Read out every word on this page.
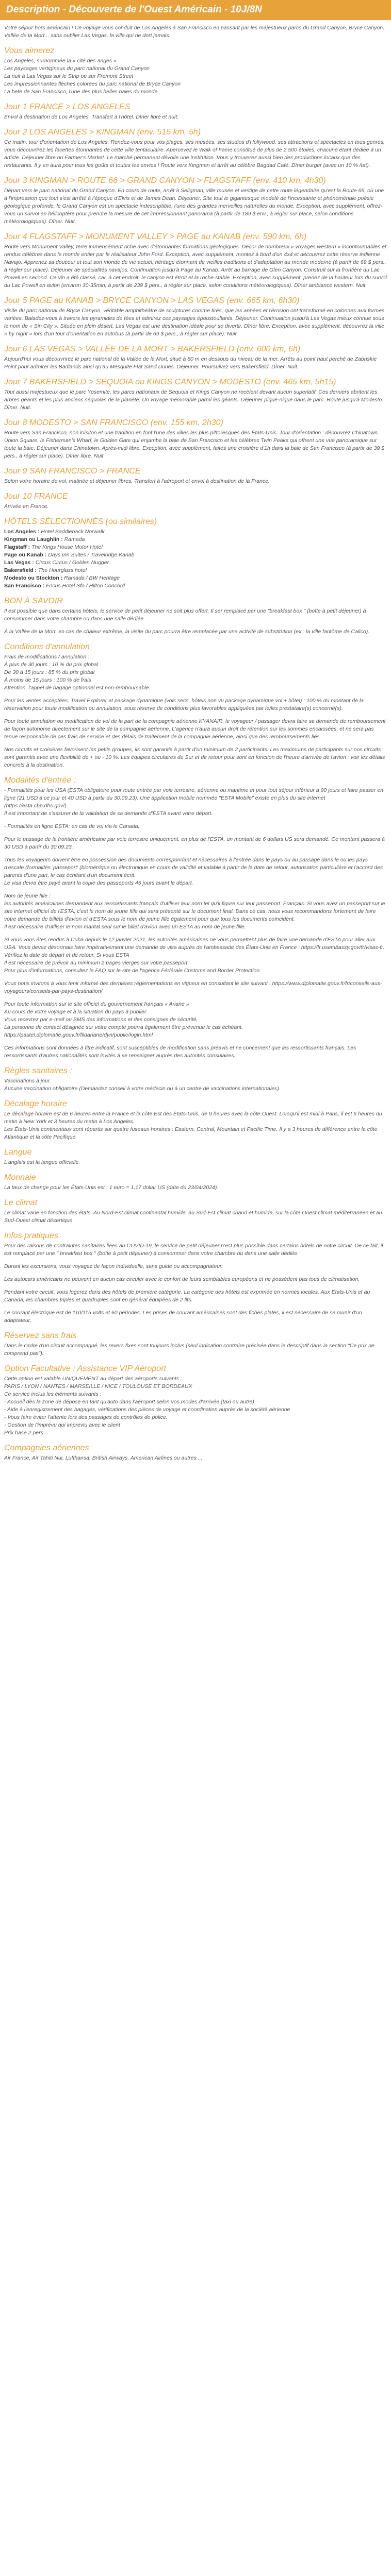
Description - Découverte de l'Ouest Américain - 10J/8N

Votre séjour hors américain ! Ce voyage vous conduit de Los Angeles à San Francisco en passant par les majestueux parcs du Grand Canyon, Bryce Canyon, Vallée de la Mort... sans oublier Las Vegas, la ville qui ne dort jamais.

Vous aimerez

Los Angeles, surnommée la « cité des anges »

Les paysages vertigineux du parc national du Grand Canyon

La nuit à Las Vegas sur le Strip ou sur Fremont Street

Les impressionnantes flèches colorées du parc national de Bryce Canyon

La bete de San Francisco, l'une des plus belles baies du monde

Jour 1 FRANCE > LOS ANGELES

Envol à destination de Los Angeles. Transfert à l'hôtel. Dîner libre et nuit.

Jour 2 LOS ANGELES > KINGMAN (env. 515 km, 5h)

Ce matin, tour d'orientation de Los Angeles. Rendez-vous pour vos plages, ses musées, ses studios d'Hollywood, ses attractions et spectacles en tous genres, vous découvrirez les facettes étonnantes de cette ville tentaculaire. Apercevez le Walk of Fame constitué de plus de 2 500 étoiles, chacune étant dédiée à un artiste. Déjeuner libre ou Farmer's Market. Le marché permanent dévoile une institution. Vous y trouverez aussi bien des productions locaux que des restaurants. Il y en aura pour tous les goûts et toutes les envies ! Route vers Kingman et arrêt au célèbre Bagdad Café. Dîner burger (avec un 10 % /tat).

Jour 3 KINGMAN > ROUTE 66 > GRAND CANYON > FLAGSTAFF (env. 410 km, 4h30)

Départ vers le parc national du Grand Canyon. En cours de route, arrêt à Seligman, ville musée et vestige de cette route légendaire qu'est la Route 66, où une à l'impression que tout s'est arrêté à l'époque d'Elvis et de James Dean. Déjeuner. Site tout le gigantesque modelé de l'incessante et phénoménale poésie géologique profonde, le Grand Canyon est un spectacle indescriptible, l'une des grandes merveilles naturelles du monde. Exception, avec supplément, offrez-vous un survol en hélicoptère pour prendre la mesure de cet impressionnant panorama (à partir de 189 $ env., à régler sur place, selon conditions météorologiques). Dîner. Nuit.

Jour 4 FLAGSTAFF > MONUMENT VALLEY > PAGE au KANAB (env. 590 km, 6h)

Route vers Monument Valley, terre immensément riche avec d'étonnantes formations géologiques. Décor de nombreux « voyages western » incontournables et rendus célèbres dans le monde entier par le réalisateur John Ford. Exception, avec supplément, montez à bord d'un 4x4 et découvrez cette réserve indienne Navajo. Apprenez sa douceur et tout son monde de vie actuel, héritage étonnant de vieilles traditions et d'adaptation au monde moderne (à partir de 69 $ pers., à régler sur place). Déjeuner de spécialités navajos. Continuation jusqu'à Page au Kanab. Arrêt au barrage de Glen Canyon. Construit sur la frontière du Lac Powell en second. Ce vin a été classé, car, à cet endroit, le canyon est étroit et la roche stable. Exception, avec supplément, prenez de la hauteur lors du survol du Lac Powell en avion (environ 30-35min, à partir de 239 $ pers., à régler sur place, selon conditions météorologiques). Dîner ambiance western. Nuit.

Jour 5 PAGE au KANAB > BRYCE CANYON > LAS VEGAS (env. 665 km, 6h30)

Visite du parc national de Bryce Canyon, véritable amphithéâtre de sculptures comme tirés, que les années et l'érosion ont transformé en colonnes aux formes variées. Baladez-vous à travers les pyramides de fées et admirez ces paysages époustouflants. Déjeuner. Continuation jusqu'à Las Vegas mieux connue sous le nom de « Sin City ». Située en plein désert, Las Vegas est une destination idéale pour se divertir. Dîner libre. Exception, avec supplément, découvrez la ville « by night » lors d'un tour d'orientation en autobus (à partir de 69 $ pers., à régler sur place). Nuit.

Jour 6 LAS VEGAS > VALLÉE DE LA MORT > BAKERSFIELD (env. 600 km, 6h)

Aujourd'hui vous découvrirez le parc national de la Vallée de la Mort, situé à 80 m en dessous du niveau de la mer. Arrêts au point haut perché de Zabriskie Point pour admirer les Badlands ainsi qu'au Mesquite Flat Sand Dunes. Déjeuner. Poursuivez vers Bakersfield. Dîner. Nuit.

Jour 7 BAKERSFIELD > SEQUOIA ou KINGS CANYON > MODESTO (env. 465 km, 5h15)

Tout aussi majestueux que le parc Yosemite, les parcs nationaux de Sequoia et Kings Canyon ne recèlent devant aucun superlatif. Ces derniers abritent les arbres géants et les plus anciens séquoias de la planète. Un voyage mémorable parmi les géants. Déjeuner pique-nique dans le parc. Route jusqu'à Modesto. Dîner. Nuit.

Jour 8 MODESTO > SAN FRANCISCO (env. 155 km, 2h30)

Route vers San Francisco, non loisiton et une tradition en font l'une des villes les plus pittoresques des États-Unis. Tour d'orientation : découvrez Chinatown, Union Square, le Fisherman's Wharf, le Golden Gate qui enjambe la baie de San Francisco et les célèbres Twin Peaks qui offrent une vue panoramique sur toute la baie. Déjeuner dans Chinatown. Après-midi libre. Exception, avec supplément, faites une croisière d'1h dans la baie de San Francisco (à partir de 39 $ pers., à régler sur place). Dîner libre. Nuit.

Jour 9 SAN FRANCISCO > FRANCE

Selon votre horaire de vol, matinée et déjeuner libres. Transfert à l'aéroport et envol à destination de la France.

Jour 10 FRANCE

Arrivée en France.

HÔTELS SÉLECTIONNÉS (ou similaires)
Los Angeles : Hotel Saddleback Norwalk
Kingman ou Laughlin : Ramada
Flagstaff : The Kings House Motor Hotel
Page ou Kanab : Days Inn Suites / Travelodge Kanab
Las Vegas : Circus Circus / Golden Nugget
Bakersfield : The Hourglass hotel
Modesto ou Stockton : Ramada / BW Heritage
San Francisco : Focus Hotel Sfo / Hilton Concord
BON À SAVOIR

Il est possible que dans certains hôtels, le service de petit déjeuner ne soit plus offert. Il ser remplacé par une "breakfast box " (boîte à petit déjeuner) à consommer dans votre chambre ou dans une salle dédiée.

À la Vallée de la Mort, en cas de chaleur extrême, la visite du parc pourra être remplacée par une activité de substitution (ex : la ville fantôme de Calico).

Conditions d'annulation

Frais de modifications / annulation :
À plus de 30 jours : 10 % du prix global
De 30 à 15 jours : 85 % du prix global
À moins de 15 jours : 100 % de frais
Attention, l'appel de bagage optionnel est non-remboursable.

Pour les ventes acceptées, Travel Explorer et package dynamique (vols secs, hôtels non vu package dynamique vol + hôtel) : 100 % du montant de la réservation pour toute modification ou annulation, sous réserve de conditions plus favorables appliquées par le/les prestataire(s) concerné(s).

Pour toute annulation ou modification de vol de la part de la compagnie aérienne KYANAIR, le voyageur / passager devra faire sa demande de remboursement de façon autonome directement sur le site de la compagnie aérienne. L'agence n'aura aucun droit de rétention sur les sommes encaissées, et ne sera pas tenue responsable de ces frais de service et des délais de traitement de la compagnie aérienne, ainsi que des remboursements liés.

Nos circuits et croisières favorisent les petits groupes, ils sont garantis à partir d'un minimum de 2 participants. Les maximums de participants sur nos circuits sont garantis avec une flexibilité de + ou - 10 %. Les équipes circulaires du Sur et de retour pour sont en fonction de l'heure d'arrivée de l'avion : voir les détails concrets à la destination.

Modalités d'entrée :

- Formalités pour les USA (ESTA obligatoire pour toute entrée par voie terrestre, aérienne ou maritime et pour tout séjour inférieur à 90 jours et faire passer en ligne (21 USD à ce jour et 40 USD à partir du 30.09.23). Une application mobile nommée "ESTA Mobile" existe en plus du site internet (https://esta.cbp.dhs.gov/).
Il est important de s'assurer de la validation de sa demande d'ESTA avant votre départ.

- Formalités en ligne ESTA: en cas de voi via le Canada.

Pour le passage de la frontière américaine par voie terrestre uniquement, en plus de l'ESTA, un montant de 6 dollars US sera demandé. Ce montant passera à 30 USD à partir du 30.09.23.

Tous les voyageurs doivent être en possession des documents correspondant et nécessaires à l'entrée dans le pays ou au passage dans le ou les pays d'escale (formalités 'passeport' (biométrique ou électronique en cours de validité et valable à partir de la date de retour, autorisation particulière et l'accord des parents d'une part, le cas échéant d'un document écrit.
Le visa devra être payé avant la copie des passeports 45 jours avant le départ.

Nom de jeune fille :
les autorités américaines demandent aux ressortissants français d'utiliser leur nom tel qu'il figure sur leur passeport. Français. Si vous avez un passeport sur le site internet officiel de l'ESTA, c'est le nom de jeune fille qui sera présenté sur le document final. Dans ce cas, nous vous recommandons fortement de faire votre demande de billets d'avion et d'ESTA sous le nom de jeune fille également pour que tous les documents coïncident.
Il est nécessaire d'utiliser le nom marital seul sur le billet d'avion avec un ESTA au nom de jeune fille.

Si vous vous êtes rendus à Cuba depuis le 12 janvier 2021, les autorités américaines ne vous permettent plus de faire une demande d'ESTA pour aller aux USA. Vous devez désormais faire impérativement une demande de visa auprès de l'ambassade des États-Unis en France : https://fr.usembassy.gov/fr/visas-fr. Vérifiez la date de départ et de retour. Si vous ESTA
Il est nécessaire de prévoir au minimum 2 pages vierges sur votre passeport.
Pour plus d'informations, consultez le FAQ sur le site de l'agence Fédérale Customs and Border Protection

Vous nous invitons à vous tenir informé des dernières réglementations en vigueur en consultant le site suivant : https://www.diplomatie.gouv.fr/fr/conseils-aux-voyageurs/conseils-par-pays-destination/

Pour toute information sur le site officiel du gouvernement français « Ariane »
Au cours de votre voyage et à la situation du pays à publier.
Vous recevrez par e-mail ou SMS des informations et des consignes de sécurité,
La personne de contact désignée sur votre compte pourra également être prévenue le cas échéant.
https://pastel.diplomatie.gouv.fr/fildariane/dyn/public/login.html

Ces informations sont données à titre indicatif, sont susceptibles de modification sans préavis et ne concernent que les ressortissants français. Les ressortissants d'autres nationalités sont invités à se renseigner auprès des autorités consulaires.

Règles sanitaires :

Vaccinations à jour.
Aucune vaccination obligatoire (Demandez conseil à votre médecin ou à un centre de vaccinations internationales).

Décalage horaire

Le décalage horaire est de 6 heures entre la France et la côte Est des États-Unis, de 9 heures avec la côte Ouest. Lorsqu'il est midi à Paris, il est 6 heures du matin à New York et 3 heures du matin à Los Angeles.
Les États-Unis continentaux sont répartis sur quatre fuseaux horaires : Eastern, Central, Mountain et Pacific Time. Il y a 3 heures de différence entre la côte Atlantique et la côte Pacifique.

Langue

L'anglais est la langue officielle.

Monnaie

La taux de change pour les États-Unis est : 1 euro = 1,17 dollar US (date du 23/04/2024).

Le climat

Le climat varie en fonction des états. Au Nord-Est climat continental humide, au Sud-Est climat chaud et humide, sur la côte Ouest climat méditerranéen et au Sud-Ouest climat désertique.

Infos pratiques

Pour des raisons de contraintes sanitaires liées au COVID-19, le service de petit déjeuner n'est plus possible dans certains hôtels de notre circuit. De ce fait, il est remplacé par une " breakfast box " (boîte à petit déjeuner) à consommer dans votre chambre ou dans une salle dédiée.

Durant les excursions, vous voyagez de façon individuelle, sans guide ou accompagnateur.

Les autocars américains ne peuvent en aucun cas circuler avec le confort de leurs semblables européens et ne possèdent pas tous de climatisation.

Pendant votre circuit, vous logerez dans des hôtels de première catégorie. La catégorie des hôtels est exprimée en normes locales. Aux États-Unis et au Canada, les chambres triples et quadruples sont en général équipées de 2 lits.

Le courant électrique est de 110/115 volts et 60 périodes. Les prises de courant américaines sont des fiches plates, il est nécessaire de se munir d'un adaptateur.

Réservez sans frais

Dans le cadre d'un circuit accompagné, les revers fixes sont toujours inclus (seul indication contraire précisée dans le descriptif dans la section "Ce prix ne comprend pas").

Option Facultative : Assistance VIP Aéroport

Cette option est valable UNIQUEMENT au départ des aéroports suivants :
PARIS / LYON / NANTES / MARSEILLE / NICE / TOULOUSE ET BORDEAUX
Ce service inclus les éléments suivants :
- Accueil dès la zone de dépose en tant qu'auto dans l'aéroport selon vos modes d'arrivée (taxi ou autre)
- Aide à l'enregistrement des bagages, vérifications des pièces de voyage et coordination auprès de la société aérienne
- Vous faire éviter l'attente lors des passages de contrôles de police.
- Gestion de l'imprévu qui impreviu avec le client
Prix base 2 pers

Compagnies aériennes

Air France, Air Tahiti Nui, Lufthansa, British Airways, American Airlines ou autres ...
